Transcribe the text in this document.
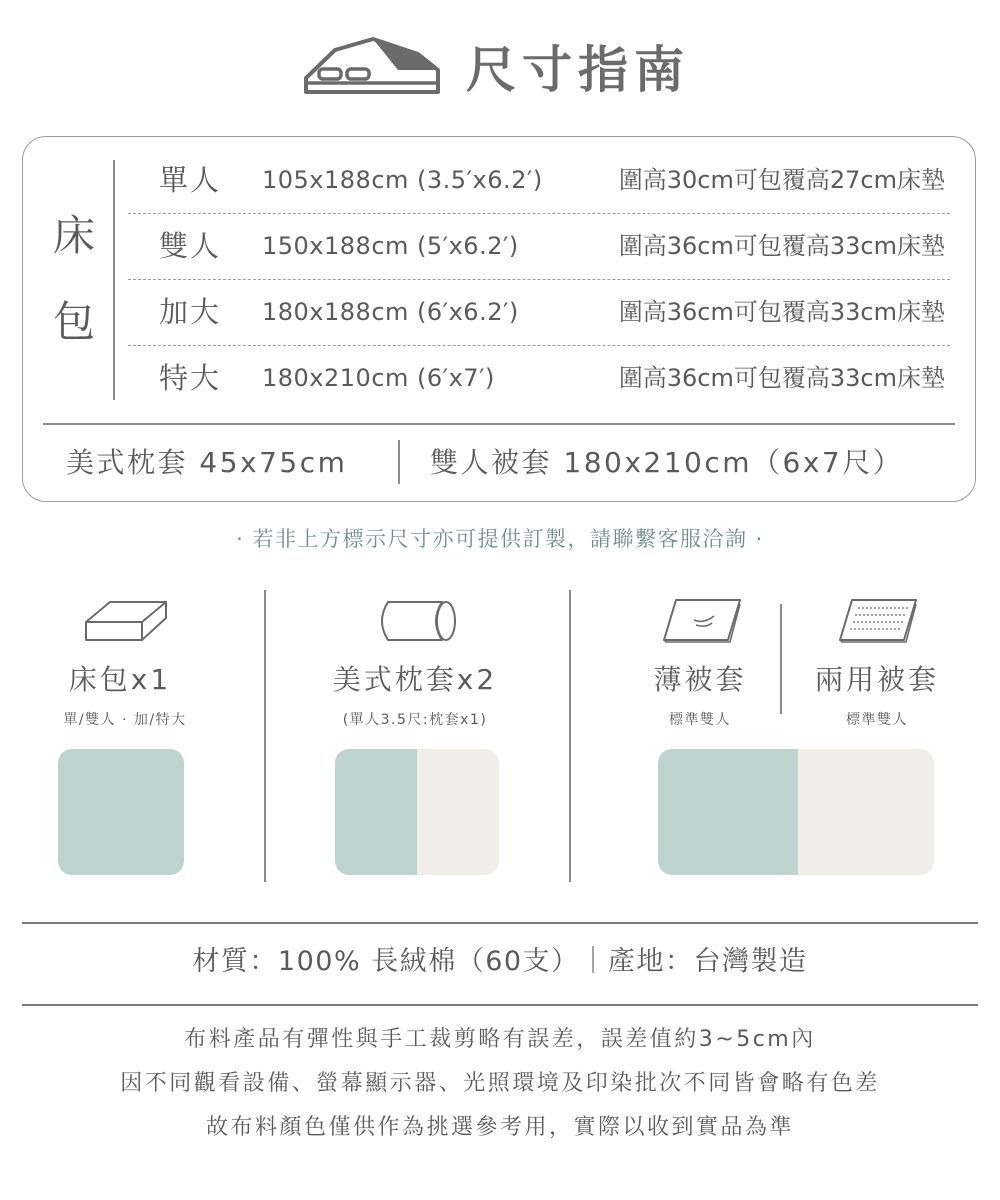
尺寸指南
床
包
單人 105x188cm (3.5′x6.2′)	圍高30cm可包覆高27cm床墊
雙人 150x188cm (5′x6.2′)	圍高36cm可包覆高33cm床墊
加大 180x188cm (6′x6.2′)	圍高36cm可包覆高33cm床墊
特大 180x210cm (6′x7′)	圍高36cm可包覆高33cm床墊
美式枕套 45x75cm	雙人被套 180x210cm（6x7尺）
· 若非上方標示尺寸亦可提供訂製，請聯繫客服洽詢 ·
床包x1
單/雙人 · 加/特大
美式枕套x2
(單人3.5尺:枕套x1)
薄被套
標準雙人
兩用被套
標準雙人
材質：100% 長絨棉（60支）｜產地：台灣製造
布料產品有彈性與手工裁剪略有誤差，誤差值約3~5cm內
因不同觀看設備、螢幕顯示器、光照環境及印染批次不同皆會略有色差
故布料顏色僅供作為挑選參考用，實際以收到實品為準
